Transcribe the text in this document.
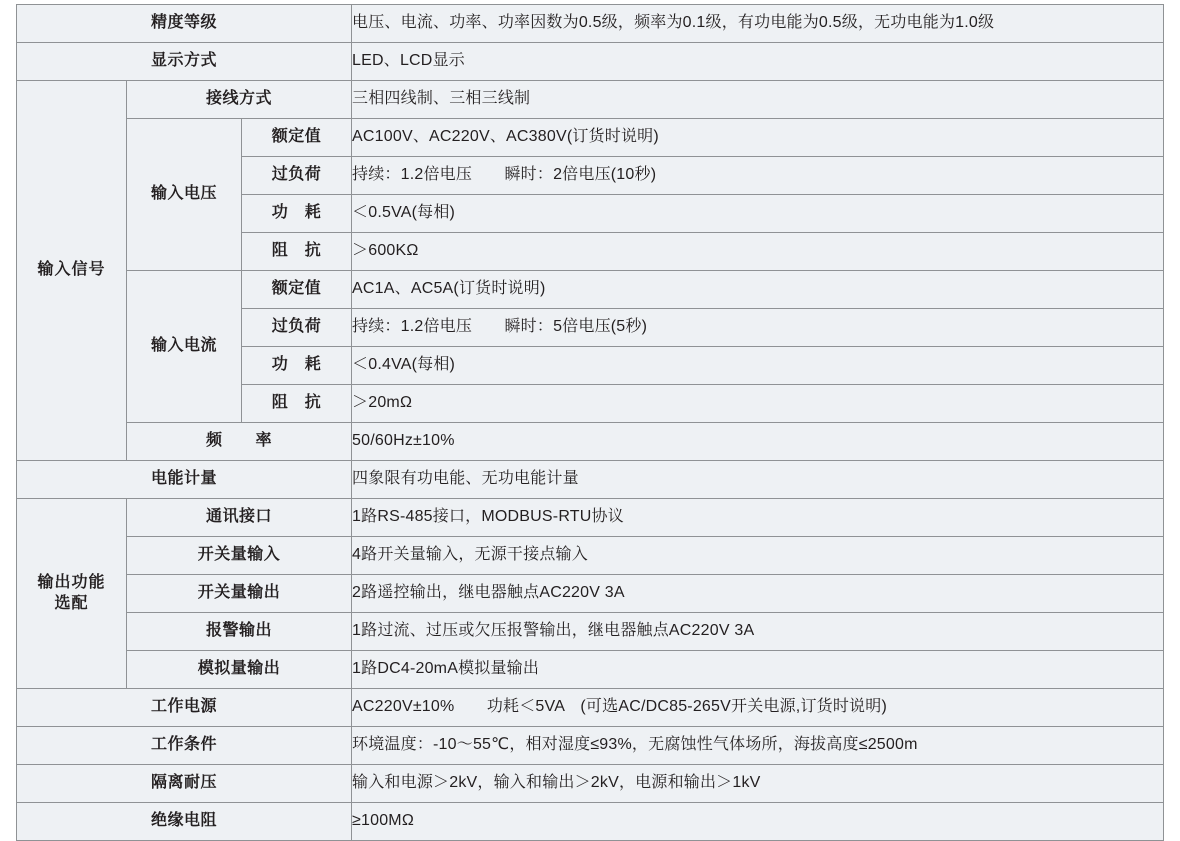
精度等级			电压、电流、功率、功率因数为0.5级，频率为0.1级，有功电能为0.5级，无功电能为1.0级
显示方式			LED、LCD显示
输入信号	接线方式		三相四线制、三相三线制
	输入电压	额定值	AC100V、AC220V、AC380V(订货时说明)
		过负荷	持续：1.2倍电压　　瞬时：2倍电压(10秒)
		功　耗	＜0.5VA(每相)
		阻　抗	＞600KΩ
	输入电流	额定值	AC1A、AC5A(订货时说明)
		过负荷	持续：1.2倍电压　　瞬时：5倍电压(5秒)
		功　耗	＜0.4VA(每相)
		阻　抗	＞20mΩ
	频　　率		50/60Hz±10%
电能计量			四象限有功电能、无功电能计量

输出功能
选配	通讯接口		1路RS-485接口，MODBUS-RTU协议
	开关量输入		4路开关量输入，无源干接点输入
	开关量输出		2路遥控输出，继电器触点AC220V 3A
	报警输出		1路过流、过压或欠压报警输出，继电器触点AC220V 3A
	模拟量输出		1路DC4-20mA模拟量输出
工作电源			AC220V±10%　　功耗＜5VA　(可选AC/DC85-265V开关电源,订货时说明)
工作条件			环境温度：-10～55℃，相对湿度≤93%，无腐蚀性气体场所，海拔高度≤2500m
隔离耐压			输入和电源＞2kV，输入和输出＞2kV，电源和输出＞1kV
绝缘电阻			≥100MΩ
